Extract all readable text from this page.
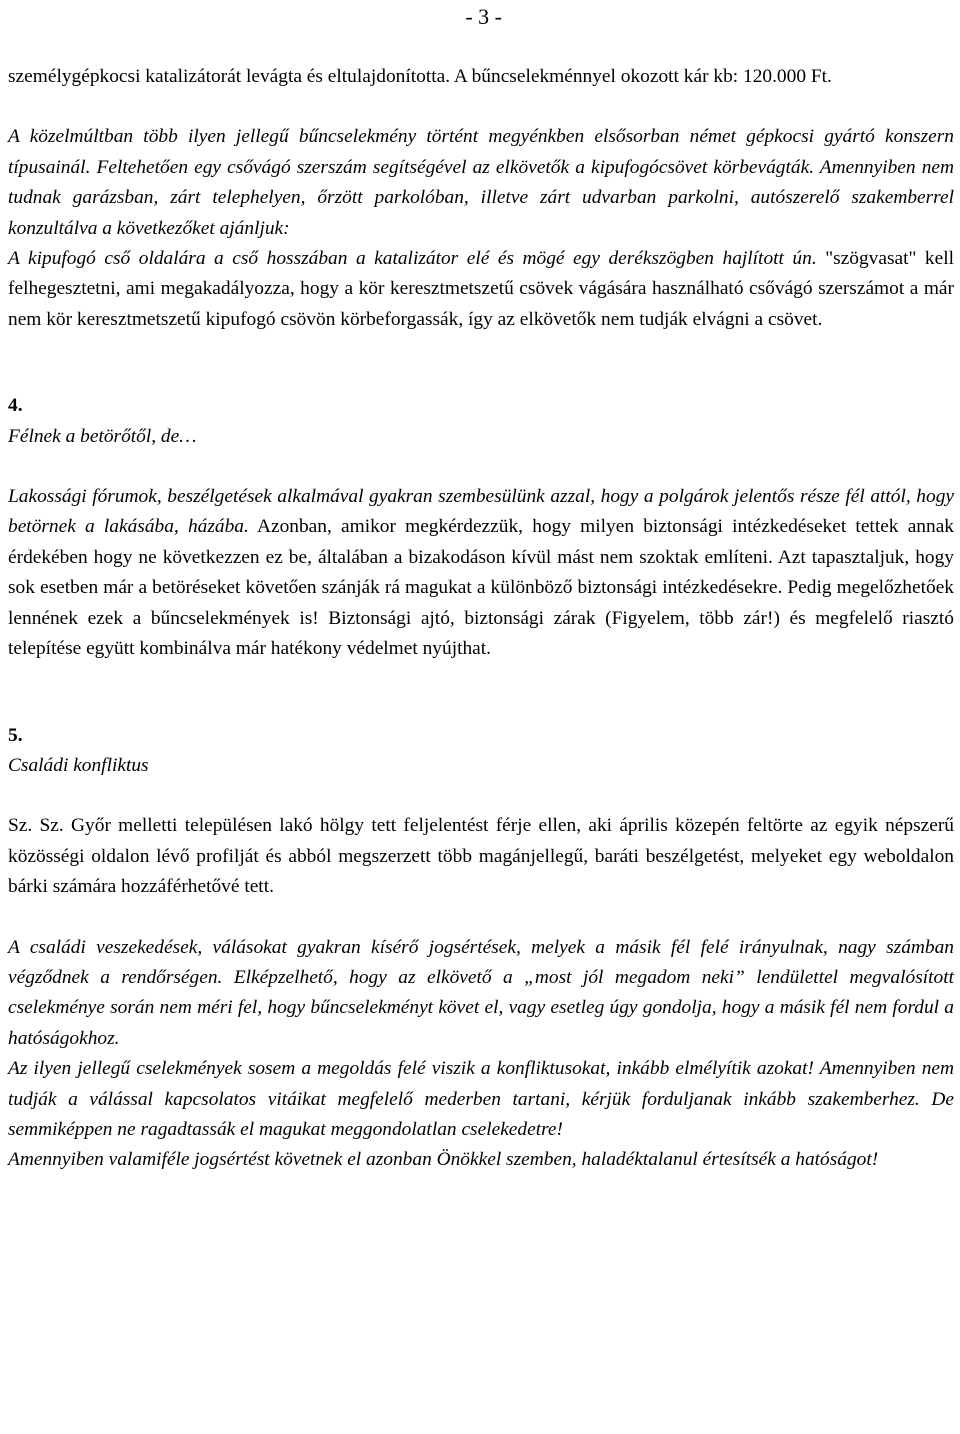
- 3 -

személygépkocsi katalizátorát levágta és eltulajdonította. A bűncselekménnyel okozott kár kb: 120.000 Ft.

A közelmúltban több ilyen jellegű bűncselekmény történt megyénkben elsősorban német gépkocsi gyártó konszern típusainál. Feltehetően egy csővágó szerszám segítségével az elkövetők a kipufogócsövet körbevágták. Amennyiben nem tudnak garázsban, zárt telephelyen, őrzött parkolóban, illetve zárt udvarban parkolni, autószerelő szakemberrel konzultálva a következőket ajánljuk:
A kipufogó cső oldalára a cső hosszában a katalizátor elé és mögé egy derékszögben hajlított ún. "szögvasat" kell felhegesztetni, ami megakadályozza, hogy a kör keresztmetszetű csövek vágására használható csővágó szerszámot a már nem kör keresztmetszetű kipufogó csövön körbeforgassák, így az elkövetők nem tudják elvágni a csövet.

4.

Félnek a betörőtől, de…

Lakossági fórumok, beszélgetések alkalmával gyakran szembesülünk azzal, hogy a polgárok jelentős része fél attól, hogy betörnek a lakásába, házába. Azonban, amikor megkérdezzük, hogy milyen biztonsági intézkedéseket tettek annak érdekében hogy ne következzen ez be, általában a bizakodáson kívül mást nem szoktak említeni. Azt tapasztaljuk, hogy sok esetben már a betöréseket követően szánják rá magukat a különböző biztonsági intézkedésekre. Pedig megelőzhetőek lennének ezek a bűncselekmények is! Biztonsági ajtó, biztonsági zárak (Figyelem, több zár!) és megfelelő riasztó telepítése együtt kombinálva már hatékony védelmet nyújthat.

5.

Családi konfliktus

Sz. Sz. Győr melletti településen lakó hölgy tett feljelentést férje ellen, aki április közepén feltörte az egyik népszerű közösségi oldalon lévő profilját és abból megszerzett több magánjellegű, baráti beszélgetést, melyeket egy weboldalon bárki számára hozzáférhetővé tett.

A családi veszekedések, válásokat gyakran kísérő jogsértések, melyek a másik fél felé irányulnak, nagy számban végződnek a rendőrségen. Elképzelhető, hogy az elkövető a „most jól megadom neki” lendülettel megvalósított cselekménye során nem méri fel, hogy bűncselekményt követ el, vagy esetleg úgy gondolja, hogy a másik fél nem fordul a hatóságokhoz.

Az ilyen jellegű cselekmények sosem a megoldás felé viszik a konfliktusokat, inkább elmélyítik azokat! Amennyiben nem tudják a válással kapcsolatos vitáikat megfelelő mederben tartani, kérjük forduljanak inkább szakemberhez. De semmiképpen ne ragadtassák el magukat meggondolatlan cselekedetre!

Amennyiben valamiféle jogsértést követnek el azonban Önökkel szemben, haladéktalanul értesítsék a hatóságot!
